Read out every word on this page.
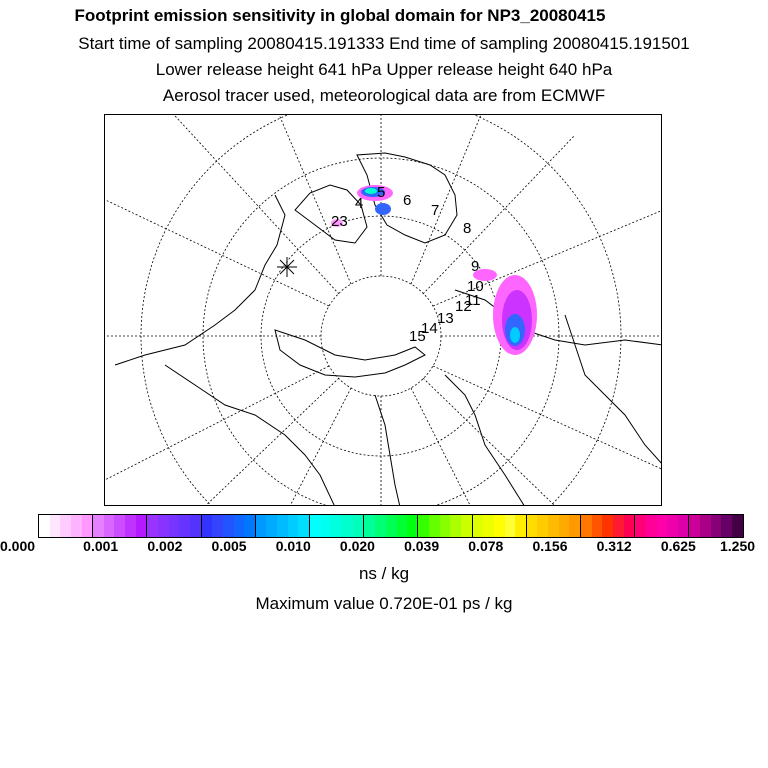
Footprint emission sensitivity in global domain for NP3_20080415
Start time of sampling 20080415.191333 End time of sampling 20080415.191501
Lower release height 641 hPa Upper release height 640 hPa
Aerosol tracer used, meteorological data are from ECMWF
23
4
5 6
7
8
9
10
11
12
13
14
15
0.000	0.001 0.002 0.005 0.010 0.020 0.039 0.078 0.156 0.312 0.625 1.250
ns / kg
Maximum value 0.720E-01 ps / kg
